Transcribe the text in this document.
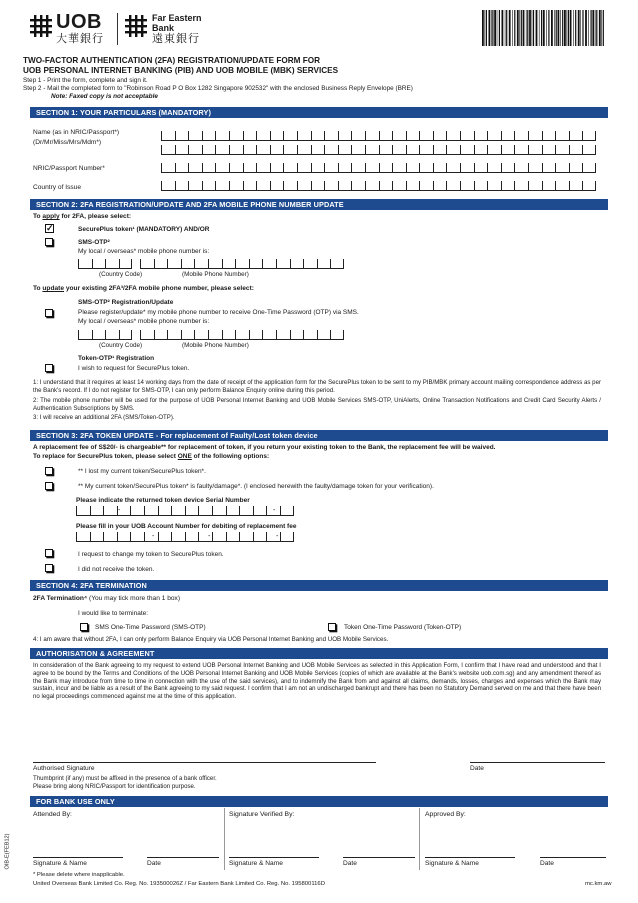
UOB
大華銀行
Far Eastern
Bank
遠東銀行
TWO-FACTOR AUTHENTICATION (2FA) REGISTRATION/UPDATE FORM FOR
UOB PERSONAL INTERNET BANKING (PIB) AND UOB MOBILE (MBK) SERVICES
Step 1 - Print the form, complete and sign it.
Step 2 - Mail the completed form to "Robinson Road P O Box 1282 Singapore 902532" with the enclosed Business Reply Envelope (BRE)
Note: Faxed copy is not acceptable
SECTION 1: YOUR PARTICULARS (MANDATORY)
Name (as in NRIC/Passport*)
(Dr/Mr/Miss/Mrs/Mdm*)
NRIC/Passport Number*
Country of Issue
SECTION 2: 2FA REGISTRATION/UPDATE AND 2FA MOBILE PHONE NUMBER UPDATE
To apply for 2FA, please select:
✓	SecurePlus token¹ (MANDATORY) AND/OR
SMS-OTP²
My local / overseas* mobile phone number is:
(Country Code)	(Mobile Phone Number)
To update your existing 2FA³/2FA mobile phone number, please select:
SMS-OTP² Registration/Update
Please register/update* my mobile phone number to receive One-Time Password (OTP) via SMS.
My local / overseas* mobile phone number is:
(Country Code)	(Mobile Phone Number)
Token-OTP¹ Registration
I wish to request for SecurePlus token.
1: I understand that it requires at least 14 working days from the date of receipt of the application form for the SecurePlus token to be sent to my PIB/MBK primary account mailing correspondence address as per the Bank's record. If I do not register for SMS-OTP, I can only perform Balance Enquiry online during this period.
2: The mobile phone number will be used for the purpose of UOB Personal Internet Banking and UOB Mobile Services SMS-OTP, UniAlerts, Online Transaction Notifications and Credit Card Security Alerts / Authentication Subscriptions by SMS.
3: I will receive an additional 2FA (SMS/Token-OTP).
SECTION 3: 2FA TOKEN UPDATE - For replacement of Faulty/Lost token device
A replacement fee of S$20/- is chargeable** for replacement of token, if you return your existing token to the Bank, the replacement fee will be waived.
To replace for SecurePlus token, please select ONE of the following options:
** I lost my current token/SecurePlus token*.
** My current token/SecurePlus token* is faulty/damage*. (I enclosed herewith the faulty/damage token for your verification).
Please indicate the returned token device Serial Number
-	-
Please fill in your UOB Account Number for debiting of replacement fee
-	-	-
I request to change my token to SecurePlus token.
I did not receive the token.
SECTION 4: 2FA TERMINATION
2FA Termination⁴ (You may tick more than 1 box)
I would like to terminate:
SMS One-Time Password (SMS-OTP)	Token One-Time Password (Token-OTP)
4: I am aware that without 2FA, I can only perform Balance Enquiry via UOB Personal Internet Banking and UOB Mobile Services.
AUTHORISATION & AGREEMENT
In consideration of the Bank agreeing to my request to extend UOB Personal Internet Banking and UOB Mobile Services as selected in this Application Form, I confirm that I have read and understood and that I agree to be bound by the Terms and Conditions of the UOB Personal Internet Banking and UOB Mobile Services (copies of which are available at the Bank's website uob.com.sg) and any amendment thereof as the Bank may introduce from time to time in connection with the use of the said services), and to indemnify the Bank from and against all claims, demands, losses, charges and expenses which the Bank may sustain, incur and be liable as a result of the Bank agreeing to my said request. I confirm that I am not an undischarged bankrupt and there has been no Statutory Demand served on me and that there have been no legal proceedings commenced against me at the time of this application.
Authorised Signature	Date
Thumbprint (if any) must be affixed in the presence of a bank officer.
Please bring along NRIC/Passport for identification purpose.
FOR BANK USE ONLY
Attended By:	Signature Verified By:	Approved By:
Signature & Name	Date	Signature & Name	Date	Signature & Name	Date
* Please delete where inapplicable.
United Overseas Bank Limited Co. Reg. No. 193500026Z / Far Eastern Bank Limited Co. Reg. No. 195800116D	mc.km.aw
OIB-E(FEB12)
